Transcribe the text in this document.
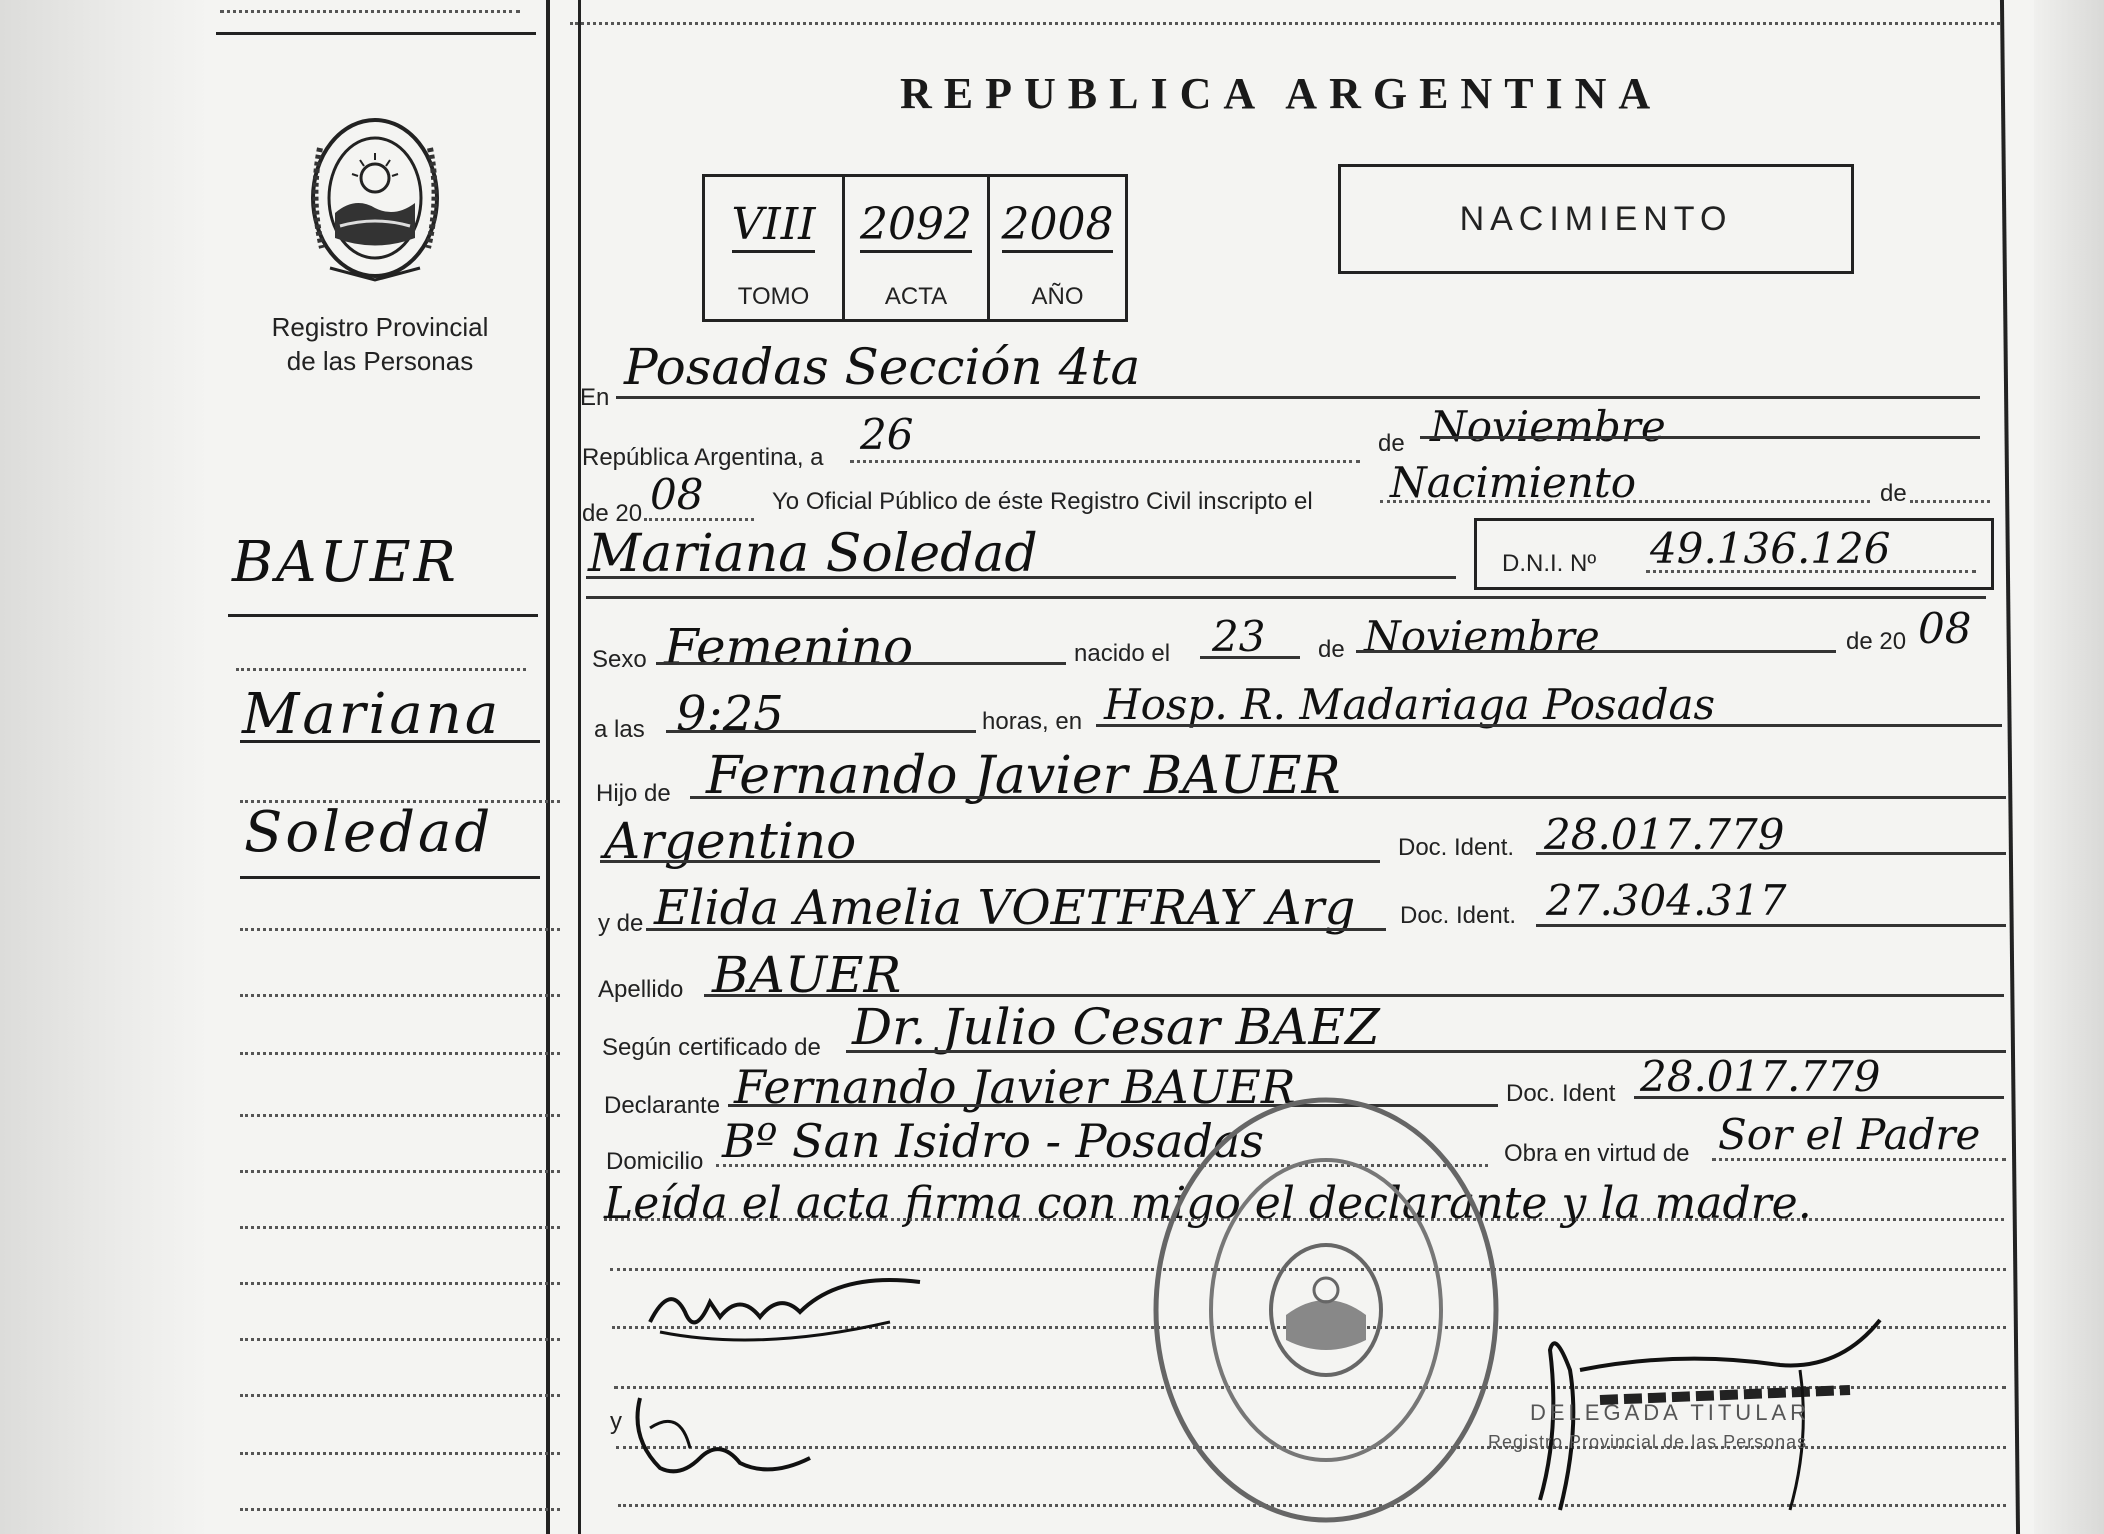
Registro Provincial
de las Personas
BAUER
Mariana
Soledad
REPUBLICA ARGENTINA
VIII 2092 2008
TOMO	ACTA	AÑO
NACIMIENTO
En
Posadas Sección 4ta
República Argentina, a 26	de Noviembre
de 20 08	Yo Oficial Público de éste Registro Civil inscripto el Nacimiento	de
Mariana Soledad	D.N.I. Nº 49.136.126
Sexo Femenino	nacido el 23 de Noviembre	de 20 08
a las 9:25	horas, en Hosp. R. Madariaga Posadas
Hijo de Fernando Javier BAUER
Argentino	Doc. Ident. 28.017.779
y de Elida Amelia VOETFRAY Arg Doc. Ident. 27.304.317
Apellido BAUER
Según certificado de Dr. Julio Cesar BAEZ
Declarante Fernando Javier BAUER	Doc. Ident 28.017.779
Domicilio Bº San Isidro - Posadas	Obra en virtud de Sor el Padre
Leída el acta firma con migo el declarante y la madre.
y	DELEGADA TITULAR
Registro Provincial de las Personas
